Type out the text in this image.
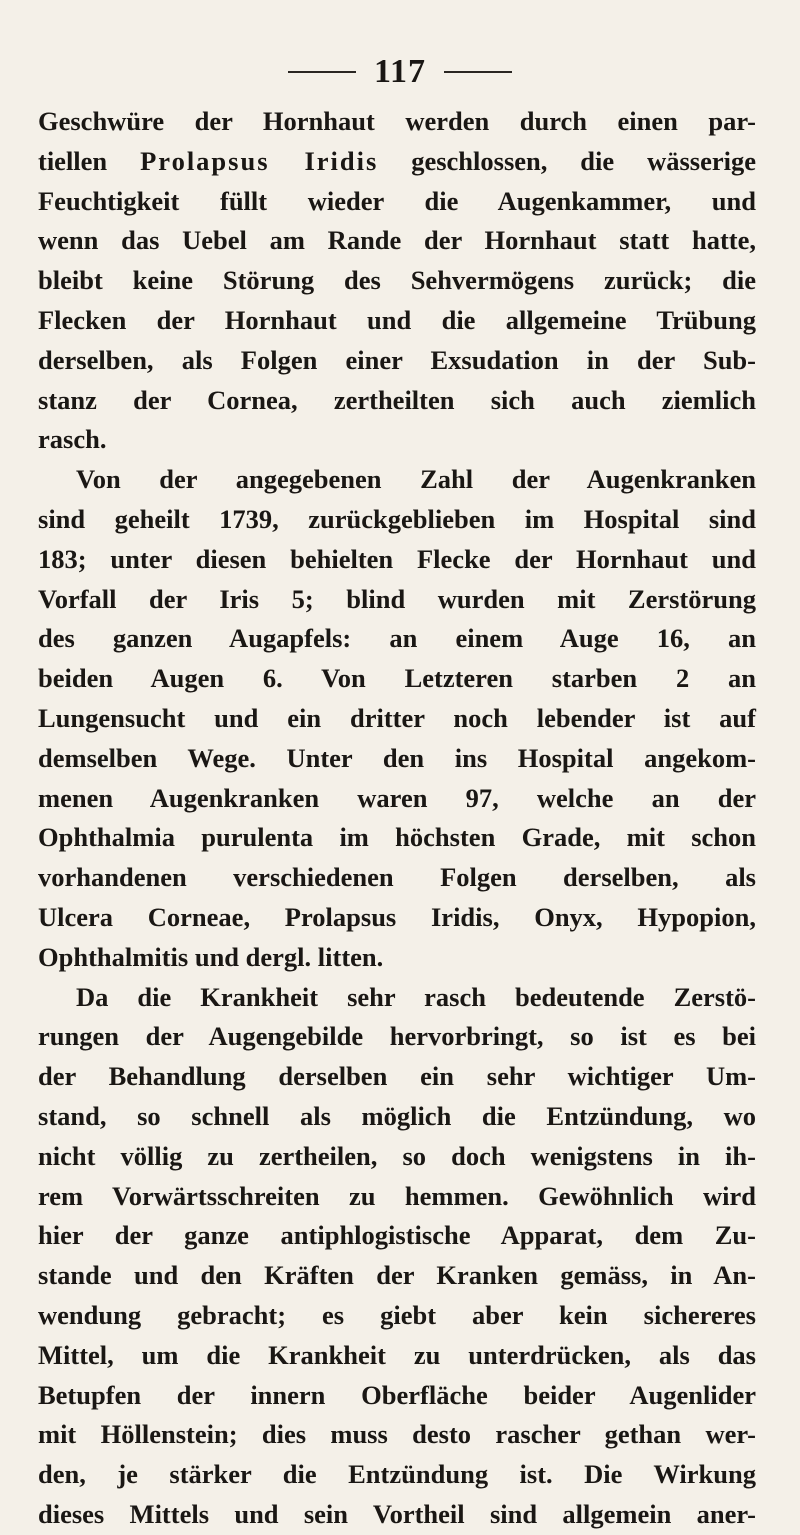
117
Geschwüre der Hornhaut werden durch einen par-
tiellen Prolapsus Iridis geschlossen, die wässerige
Feuchtigkeit füllt wieder die Augenkammer, und
wenn das Uebel am Rande der Hornhaut statt hatte,
bleibt keine Störung des Sehvermögens zurück; die
Flecken der Hornhaut und die allgemeine Trübung
derselben, als Folgen einer Exsudation in der Sub-
stanz der Cornea, zertheilten sich auch ziemlich
rasch.
Von der angegebenen Zahl der Augenkranken
sind geheilt 1739, zurückgeblieben im Hospital sind
183; unter diesen behielten Flecke der Hornhaut und
Vorfall der Iris 5; blind wurden mit Zerstörung
des ganzen Augapfels: an einem Auge 16, an
beiden Augen 6. Von Letzteren starben 2 an
Lungensucht und ein dritter noch lebender ist auf
demselben Wege. Unter den ins Hospital angekom-
menen Augenkranken waren 97, welche an der
Ophthalmia purulenta im höchsten Grade, mit schon
vorhandenen verschiedenen Folgen derselben, als
Ulcera Corneae, Prolapsus Iridis, Onyx, Hypopion,
Ophthalmitis und dergl. litten.
Da die Krankheit sehr rasch bedeutende Zerstö-
rungen der Augengebilde hervorbringt, so ist es bei
der Behandlung derselben ein sehr wichtiger Um-
stand, so schnell als möglich die Entzündung, wo
nicht völlig zu zertheilen, so doch wenigstens in ih-
rem Vorwärtsschreiten zu hemmen. Gewöhnlich wird
hier der ganze antiphlogistische Apparat, dem Zu-
stande und den Kräften der Kranken gemäss, in An-
wendung gebracht; es giebt aber kein sichereres
Mittel, um die Krankheit zu unterdrücken, als das
Betupfen der innern Oberfläche beider Augenlider
mit Höllenstein; dies muss desto rascher gethan wer-
den, je stärker die Entzündung ist. Die Wirkung
dieses Mittels und sein Vortheil sind allgemein aner-
